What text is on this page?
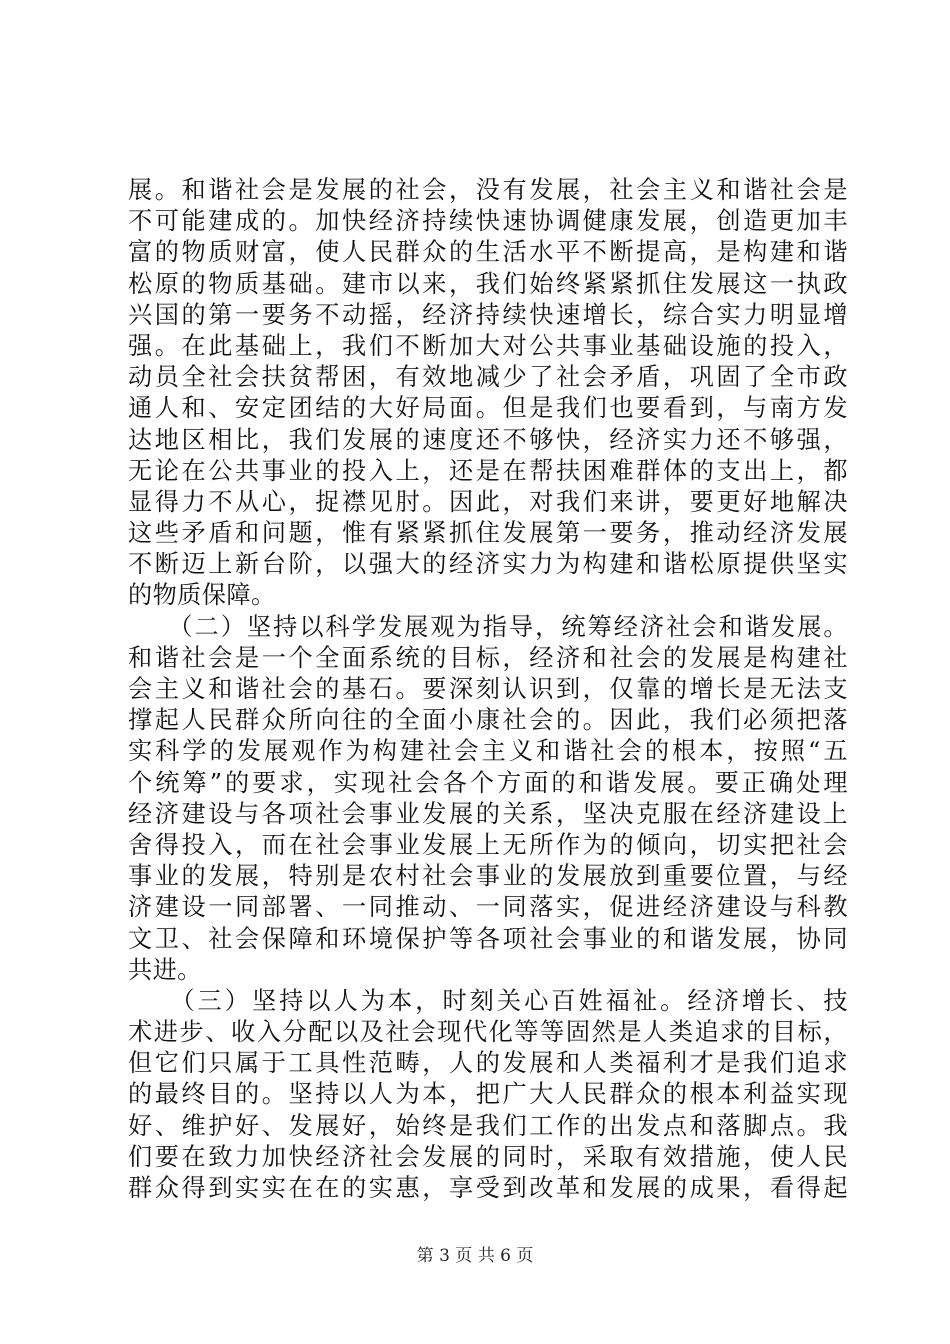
展。和谐社会是发展的社会，没有发展，社会主义和谐社会是
不可能建成的。加快经济持续快速协调健康发展，创造更加丰
富的物质财富，使人民群众的生活水平不断提高，是构建和谐
松原的物质基础。建市以来，我们始终紧紧抓住发展这一执政
兴国的第一要务不动摇，经济持续快速增长，综合实力明显增
强。在此基础上，我们不断加大对公共事业基础设施的投入，
动员全社会扶贫帮困，有效地减少了社会矛盾，巩固了全市政
通人和、安定团结的大好局面。但是我们也要看到，与南方发
达地区相比，我们发展的速度还不够快，经济实力还不够强，
无论在公共事业的投入上，还是在帮扶困难群体的支出上，都
显得力不从心，捉襟见肘。因此，对我们来讲，要更好地解决
这些矛盾和问题，惟有紧紧抓住发展第一要务，推动经济发展
不断迈上新台阶，以强大的经济实力为构建和谐松原提供坚实
的物质保障。
　　（二）坚持以科学发展观为指导，统筹经济社会和谐发展。
和谐社会是一个全面系统的目标，经济和社会的发展是构建社
会主义和谐社会的基石。要深刻认识到，仅靠的增长是无法支
撑起人民群众所向往的全面小康社会的。因此，我们必须把落
实科学的发展观作为构建社会主义和谐社会的根本，按照“五
个统筹”的要求，实现社会各个方面的和谐发展。要正确处理
经济建设与各项社会事业发展的关系，坚决克服在经济建设上
舍得投入，而在社会事业发展上无所作为的倾向，切实把社会
事业的发展，特别是农村社会事业的发展放到重要位置，与经
济建设一同部署、一同推动、一同落实，促进经济建设与科教
文卫、社会保障和环境保护等各项社会事业的和谐发展，协同
共进。
　　（三）坚持以人为本，时刻关心百姓福祉。经济增长、技
术进步、收入分配以及社会现代化等等固然是人类追求的目标，
但它们只属于工具性范畴，人的发展和人类福利才是我们追求
的最终目的。坚持以人为本，把广大人民群众的根本利益实现
好、维护好、发展好，始终是我们工作的出发点和落脚点。我
们要在致力加快经济社会发展的同时，采取有效措施，使人民
群众得到实实在在的实惠，享受到改革和发展的成果，看得起
第 3 页 共 6 页
